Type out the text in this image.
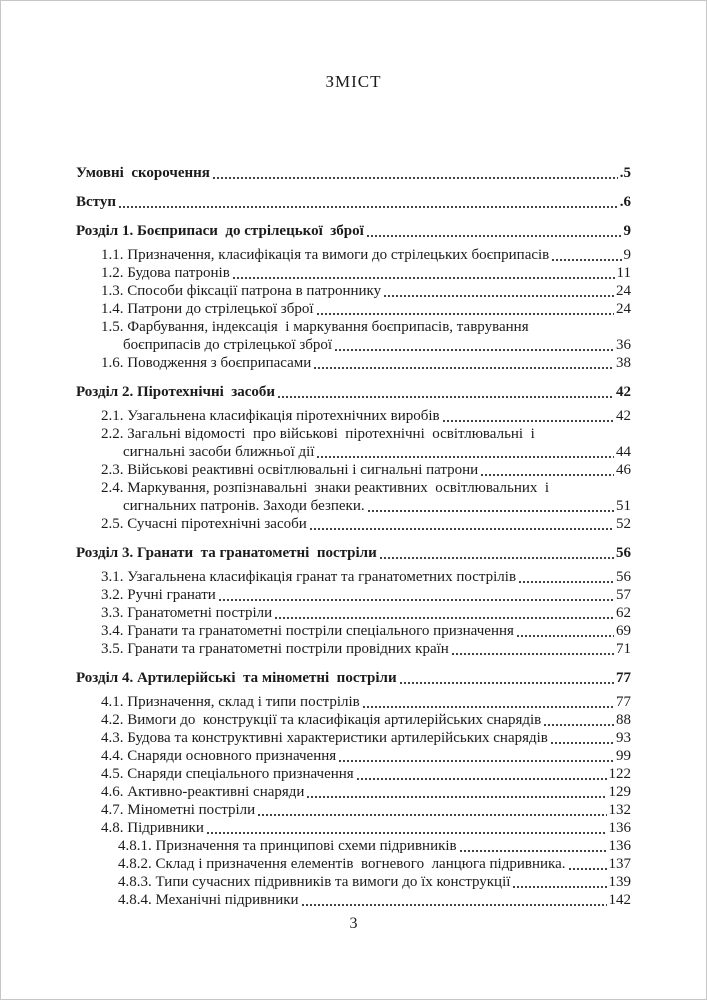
ЗМІСТ
Умовні  скорочення	.5
Вступ	.6
Розділ 1. Боєприпаси  до стрілецької  зброї	9
1.1. Призначення, класифікація та вимоги до стрілецьких боєприпасів	9
1.2. Будова патронів	11
1.3. Способи фіксації патрона в патроннику	24
1.4. Патрони до стрілецької зброї	24
1.5. Фарбування, індексація  і маркування боєприпасів, таврування
боєприпасів до стрілецької зброї	36
1.6. Поводження з боєприпасами	38
Розділ 2. Піротехнічні  засоби	42
2.1. Узагальнена класифікація піротехнічних виробів	42
2.2. Загальні відомості  про військові  піротехнічні  освітлювальні  і
сигнальні засоби ближньої дії	44
2.3. Військові реактивні освітлювальні і сигнальні патрони	46
2.4. Маркування, розпізнавальні  знаки реактивних  освітлювальних  і
сигнальних патронів. Заходи безпеки.	51
2.5. Сучасні піротехнічні засоби	52
Розділ 3. Гранати  та гранатометні  постріли	56
3.1. Узагальнена класифікація гранат та гранатометних пострілів	56
3.2. Ручні гранати	57
3.3. Гранатометні постріли	62
3.4. Гранати та гранатометні постріли спеціального призначення	69
3.5. Гранати та гранатометні постріли провідних країн	71
Розділ 4. Артилерійські  та мінометні  постріли	77
4.1. Призначення, склад і типи пострілів	77
4.2. Вимоги до  конструкції та класифікація артилерійських снарядів	88
4.3. Будова та конструктивні характеристики артилерійських снарядів	93
4.4. Снаряди основного призначення	99
4.5. Снаряди спеціального призначення	122
4.6. Активно-реактивні снаряди	129
4.7. Мінометні постріли	132
4.8. Підривники	136
4.8.1. Призначення та принципові схеми підривників	136
4.8.2. Склад і призначення елементів  вогневого  ланцюга підривника.	137
4.8.3. Типи сучасних підривників та вимоги до їх конструкції	139
4.8.4. Механічні підривники	142
3
